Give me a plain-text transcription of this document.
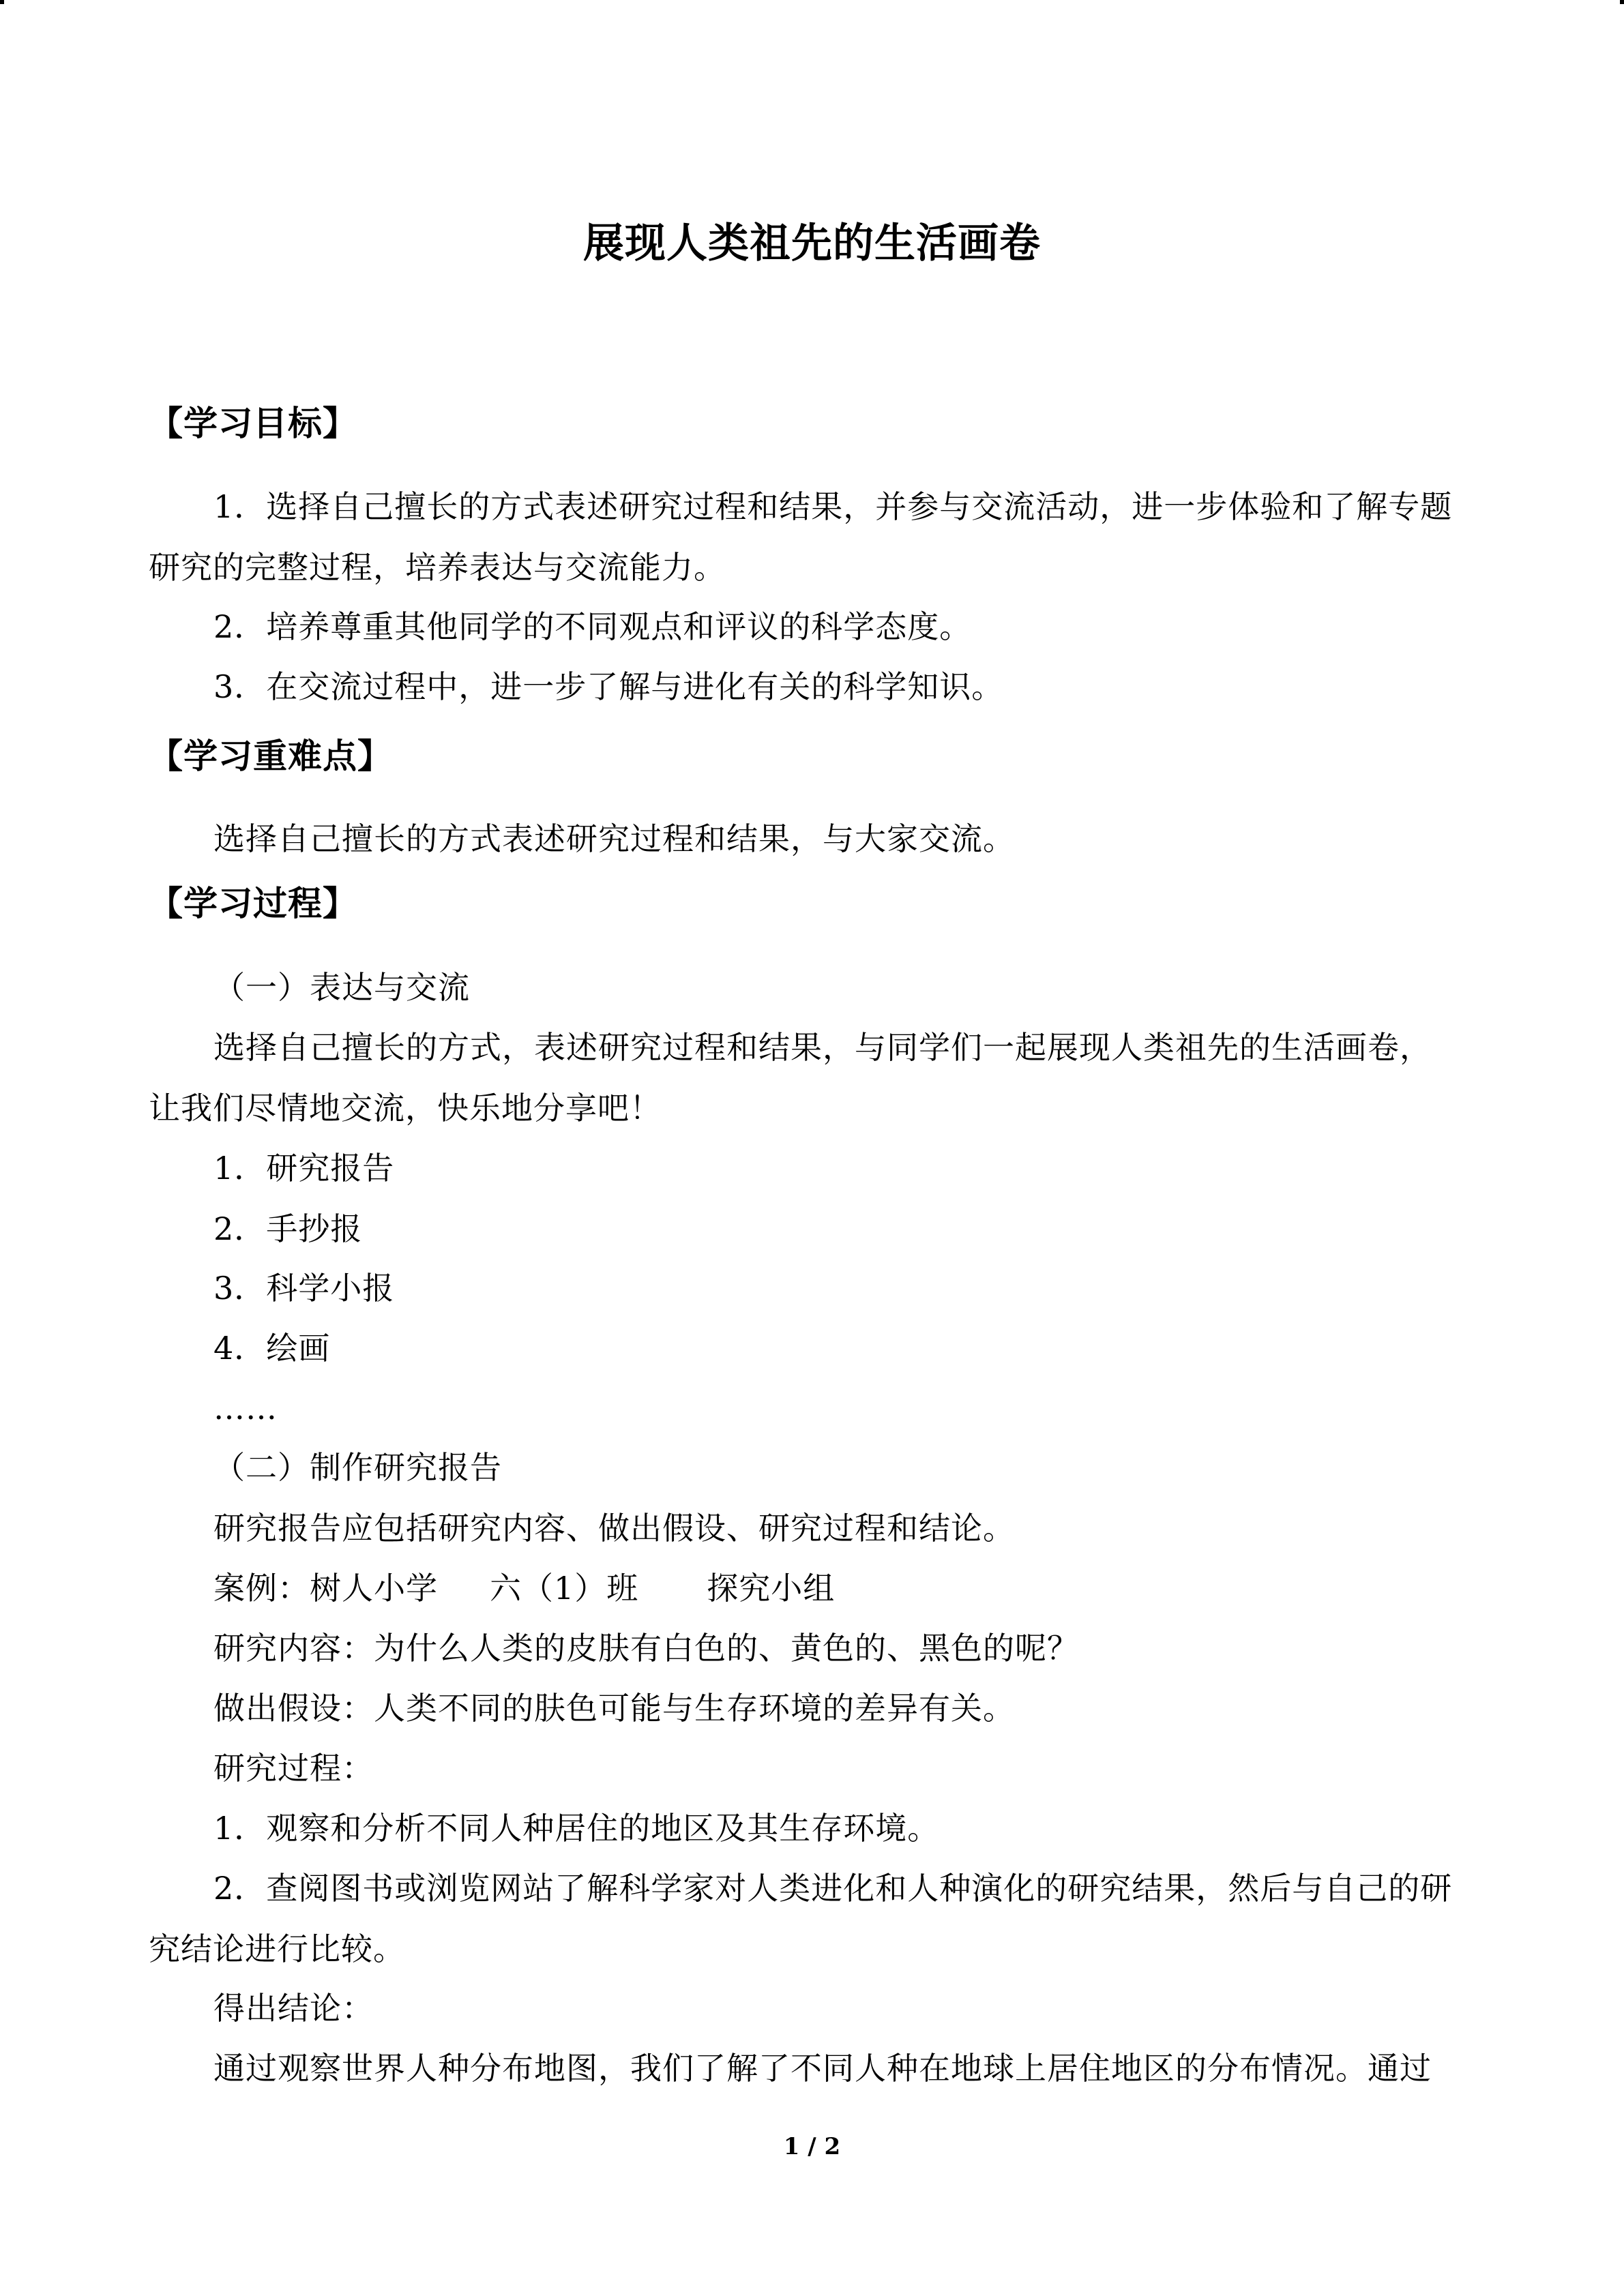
展现人类祖先的生活画卷
【学习目标】
1．选择自己擅长的方式表述研究过程和结果，并参与交流活动，进一步体验和了解专题
研究的完整过程，培养表达与交流能力。
2．培养尊重其他同学的不同观点和评议的科学态度。
3．在交流过程中，进一步了解与进化有关的科学知识。
【学习重难点】
选择自己擅长的方式表述研究过程和结果，与大家交流。
【学习过程】
（一）表达与交流
选择自己擅长的方式，表述研究过程和结果，与同学们一起展现人类祖先的生活画卷，
让我们尽情地交流，快乐地分享吧！
1．研究报告
2．手抄报
3．科学小报
4．绘画
……
（二）制作研究报告
研究报告应包括研究内容、做出假设、研究过程和结论。
案例：树人小学 六（1）班 探究小组
研究内容：为什么人类的皮肤有白色的、黄色的、黑色的呢？
做出假设：人类不同的肤色可能与生存环境的差异有关。
研究过程：
1．观察和分析不同人种居住的地区及其生存环境。
2．查阅图书或浏览网站了解科学家对人类进化和人种演化的研究结果，然后与自己的研
究结论进行比较。
得出结论：
通过观察世界人种分布地图，我们了解了不同人种在地球上居住地区的分布情况。通过
1 / 2
